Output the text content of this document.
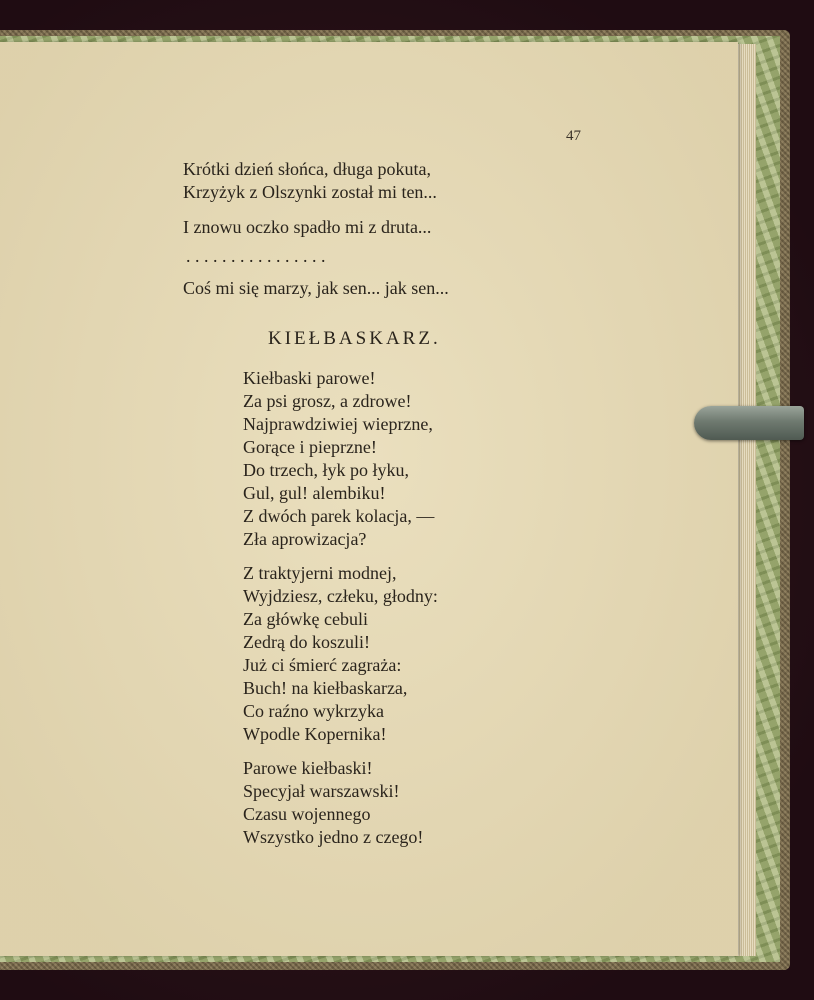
47
Krótki dzień słońca, długa pokuta,
Krzyżyk z Olszynki został mi ten...
I znowu oczko spadło mi z druta...
. . . . . . . . . . . . . . . .
Coś mi się marzy, jak sen... jak sen...
KIEŁBASKARZ.
Kiełbaski parowe!
Za psi grosz, a zdrowe!
Najprawdziwiej wieprzne,
Gorące i pieprzne!
Do trzech, łyk po łyku,
Gul, gul! alembiku!
Z dwóch parek kolacja, —
Zła aprowizacja?
Z traktyjerni modnej,
Wyjdziesz, człeku, głodny:
Za główkę cebuli
Zedrą do koszuli!
Już ci śmierć zagraża:
Buch! na kiełbaskarza,
Co raźno wykrzyka
Wpodle Kopernika!
Parowe kiełbaski!
Specyjał warszawski!
Czasu wojennego
Wszystko jedno z czego!
